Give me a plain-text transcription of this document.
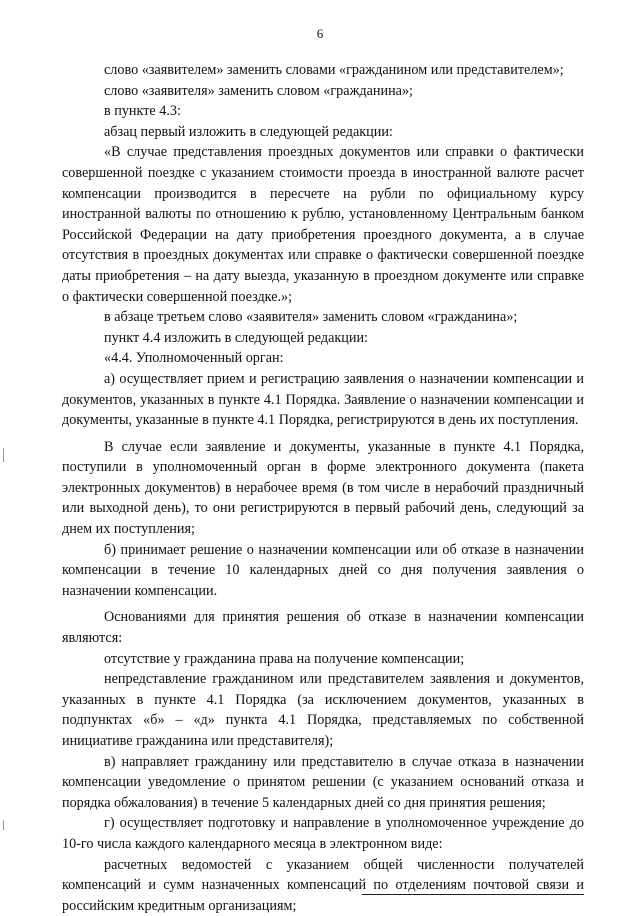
6

слово «заявителем» заменить словами «гражданином или представителем»;

слово «заявителя» заменить словом «гражданина»;

в пункте 4.3:

абзац первый изложить в следующей редакции:

«В случае представления проездных документов или справки о фактически совершенной поездке с указанием стоимости проезда в иностранной валюте расчет компенсации производится в пересчете на рубли по официальному курсу иностранной валюты по отношению к рублю, установленному Центральным банком Российской Федерации на дату приобретения проездного документа, а в случае отсутствия в проездных документах или справке о фактически совершенной поездке даты приобретения – на дату выезда, указанную в проездном документе или справке о фактически совершенной поездке.»;

в абзаце третьем слово «заявителя» заменить словом «гражданина»;

пункт 4.4 изложить в следующей редакции:

«4.4. Уполномоченный орган:

а) осуществляет прием и регистрацию заявления о назначении компенсации и документов, указанных в пункте 4.1 Порядка. Заявление о назначении компенсации и документы, указанные в пункте 4.1 Порядка, регистрируются в день их поступления.

В случае если заявление и документы, указанные в пункте 4.1 Порядка, поступили в уполномоченный орган в форме электронного документа (пакета электронных документов) в нерабочее время (в том числе в нерабочий праздничный или выходной день), то они регистрируются в первый рабочий день, следующий за днем их поступления;

б) принимает решение о назначении компенсации или об отказе в назначении компенсации в течение 10 календарных дней со дня получения заявления о назначении компенсации.

Основаниями для принятия решения об отказе в назначении компенсации являются:

отсутствие у гражданина права на получение компенсации;

непредставление гражданином или представителем заявления и документов, указанных в пункте 4.1 Порядка (за исключением документов, указанных в подпунктах «б» – «д» пункта 4.1 Порядка, представляемых по собственной инициативе гражданина или представителя);

в) направляет гражданину или представителю в случае отказа в назначении компенсации уведомление о принятом решении (с указанием оснований отказа и порядка обжалования) в течение 5 календарных дней со дня принятия решения;

г) осуществляет подготовку и направление в уполномоченное учреждение до 10-го числа каждого календарного месяца в электронном виде:

расчетных ведомостей с указанием общей численности получателей компенсаций и сумм назначенных компенсаций по отделениям почтовой связи и российским кредитным организациям;
